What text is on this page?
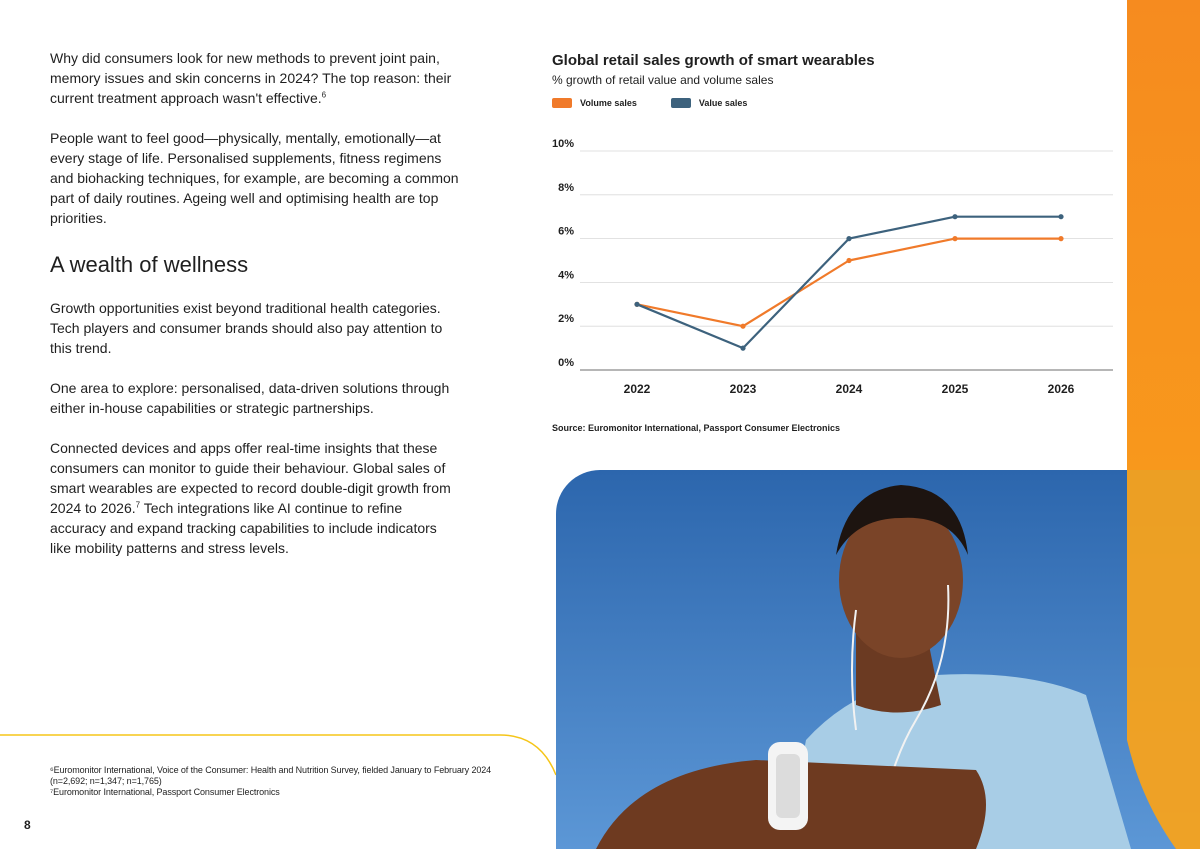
Why did consumers look for new methods to prevent joint pain, memory issues and skin concerns in 2024? The top reason: their current treatment approach wasn't effective.$^6$

People want to feel good—physically, mentally, emotionally—at every stage of life. Personalised supplements, fitness regimens and biohacking techniques, for example, are becoming a common part of daily routines. Ageing well and optimising health are top priorities.

A wealth of wellness

Growth opportunities exist beyond traditional health categories. Tech players and consumer brands should also pay attention to this trend.

One area to explore: personalised, data-driven solutions through either in-house capabilities or strategic partnerships.

Connected devices and apps offer real-time insights that these consumers can monitor to guide their behaviour. Global sales of smart wearables are expected to record double-digit growth from 2024 to 2026.$^7$ Tech integrations like AI continue to refine accuracy and expand tracking capabilities to include indicators like mobility patterns and stress levels.

⁶Euromonitor International, Voice of the Consumer: Health and Nutrition Survey, fielded January to February 2024 (n=2,692; n=1,347; n=1,765)
⁷Euromonitor International, Passport Consumer Electronics
8
Global retail sales growth of smart wearables
% growth of retail value and volume sales
Volume sales	Value sales
0%
2%
4%
6%
8%
10%
2022	2023	2024	2025	2026
Source: Euromonitor International, Passport Consumer Electronics
